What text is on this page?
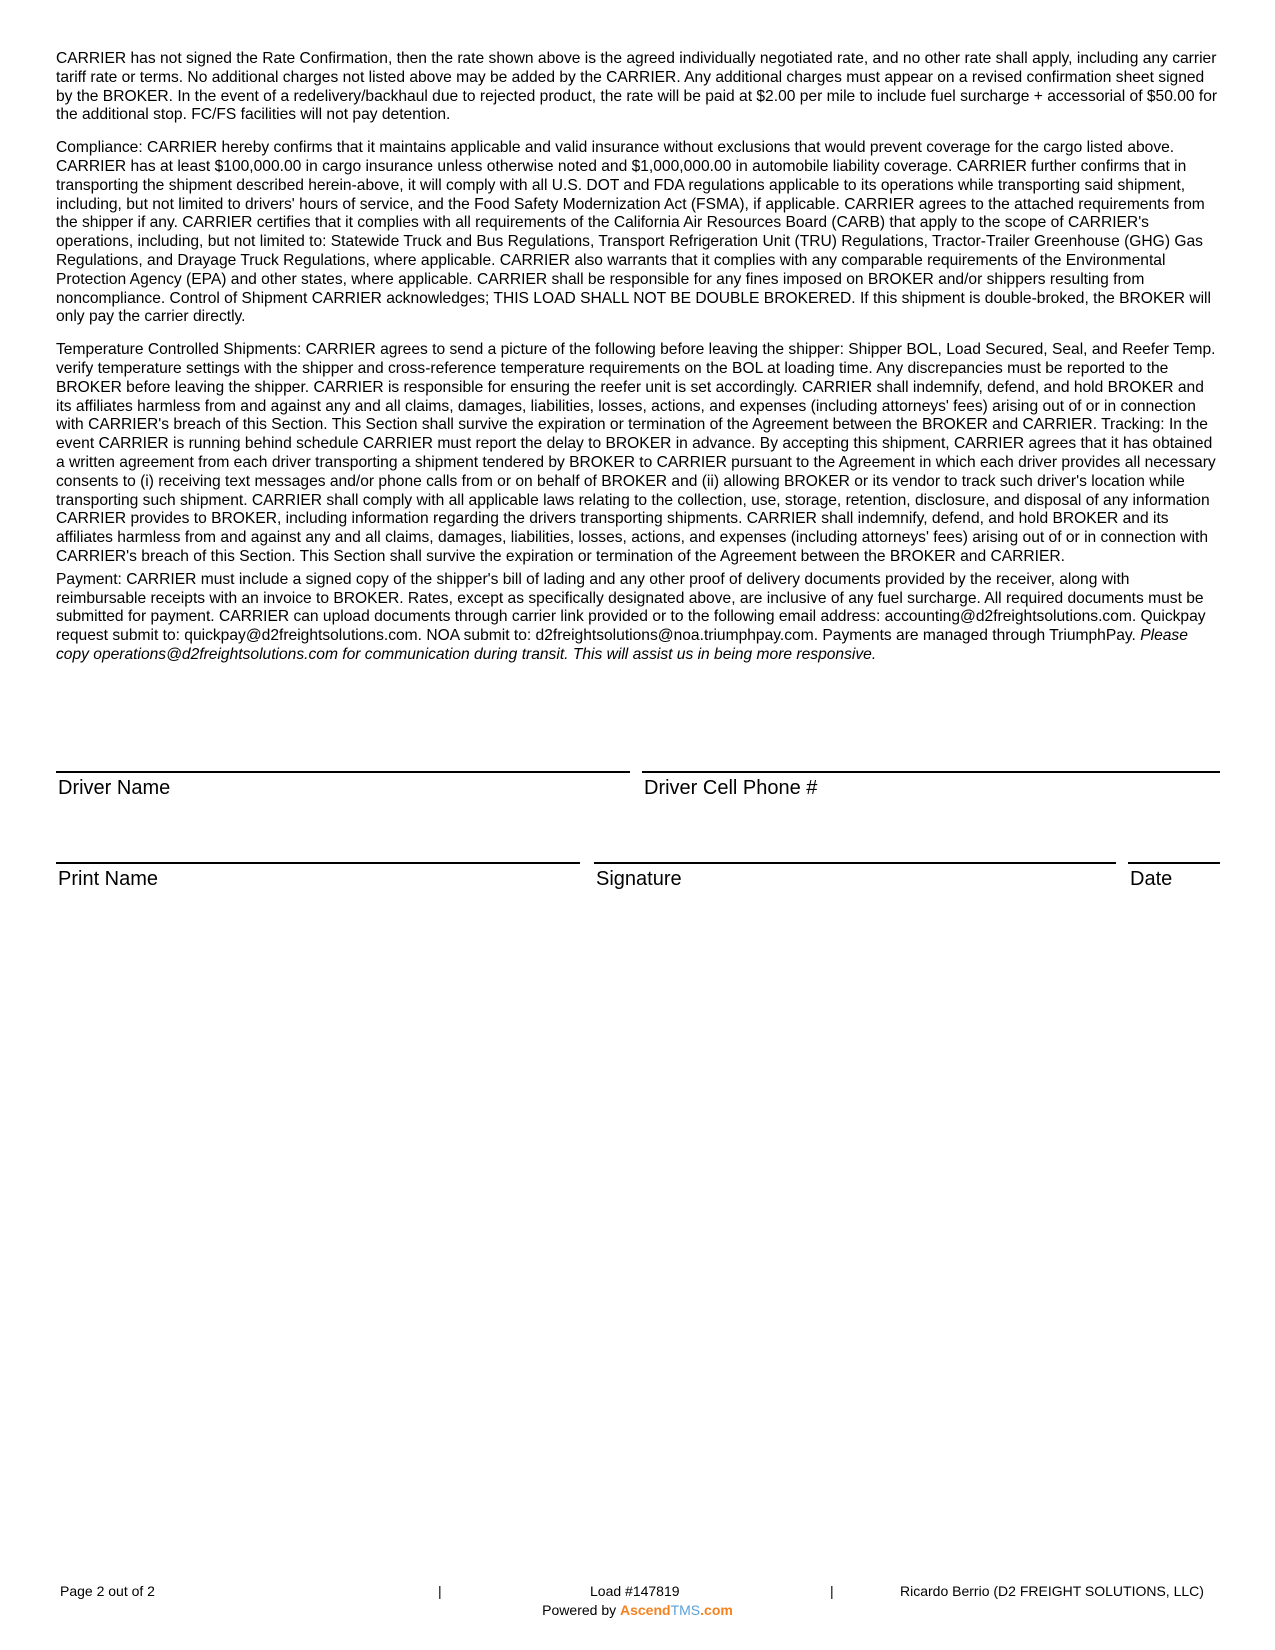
CARRIER has not signed the Rate Confirmation, then the rate shown above is the agreed individually negotiated rate, and no other rate shall apply, including any carrier tariff rate or terms. No additional charges not listed above may be added by the CARRIER. Any additional charges must appear on a revised confirmation sheet signed by the BROKER. In the event of a redelivery/backhaul due to rejected product, the rate will be paid at $2.00 per mile to include fuel surcharge + accessorial of $50.00 for the additional stop. FC/FS facilities will not pay detention.

Compliance: CARRIER hereby confirms that it maintains applicable and valid insurance without exclusions that would prevent coverage for the cargo listed above. CARRIER has at least $100,000.00 in cargo insurance unless otherwise noted and $1,000,000.00 in automobile liability coverage. CARRIER further confirms that in transporting the shipment described herein-above, it will comply with all U.S. DOT and FDA regulations applicable to its operations while transporting said shipment, including, but not limited to drivers' hours of service, and the Food Safety Modernization Act (FSMA), if applicable. CARRIER agrees to the attached requirements from the shipper if any. CARRIER certifies that it complies with all requirements of the California Air Resources Board (CARB) that apply to the scope of CARRIER's operations, including, but not limited to: Statewide Truck and Bus Regulations, Transport Refrigeration Unit (TRU) Regulations, Tractor-Trailer Greenhouse (GHG) Gas Regulations, and Drayage Truck Regulations, where applicable. CARRIER also warrants that it complies with any comparable requirements of the Environmental Protection Agency (EPA) and other states, where applicable. CARRIER shall be responsible for any fines imposed on BROKER and/or shippers resulting from noncompliance. Control of Shipment CARRIER acknowledges; THIS LOAD SHALL NOT BE DOUBLE BROKERED. If this shipment is double-broked, the BROKER will only pay the carrier directly.

Temperature Controlled Shipments: CARRIER agrees to send a picture of the following before leaving the shipper: Shipper BOL, Load Secured, Seal, and Reefer Temp. verify temperature settings with the shipper and cross-reference temperature requirements on the BOL at loading time. Any discrepancies must be reported to the BROKER before leaving the shipper. CARRIER is responsible for ensuring the reefer unit is set accordingly. CARRIER shall indemnify, defend, and hold BROKER and its affiliates harmless from and against any and all claims, damages, liabilities, losses, actions, and expenses (including attorneys' fees) arising out of or in connection with CARRIER's breach of this Section. This Section shall survive the expiration or termination of the Agreement between the BROKER and CARRIER. Tracking: In the event CARRIER is running behind schedule CARRIER must report the delay to BROKER in advance. By accepting this shipment, CARRIER agrees that it has obtained a written agreement from each driver transporting a shipment tendered by BROKER to CARRIER pursuant to the Agreement in which each driver provides all necessary consents to (i) receiving text messages and/or phone calls from or on behalf of BROKER and (ii) allowing BROKER or its vendor to track such driver's location while transporting such shipment. CARRIER shall comply with all applicable laws relating to the collection, use, storage, retention, disclosure, and disposal of any information CARRIER provides to BROKER, including information regarding the drivers transporting shipments. CARRIER shall indemnify, defend, and hold BROKER and its affiliates harmless from and against any and all claims, damages, liabilities, losses, actions, and expenses (including attorneys' fees) arising out of or in connection with CARRIER's breach of this Section. This Section shall survive the expiration or termination of the Agreement between the BROKER and CARRIER.

Payment: CARRIER must include a signed copy of the shipper's bill of lading and any other proof of delivery documents provided by the receiver, along with reimbursable receipts with an invoice to BROKER. Rates, except as specifically designated above, are inclusive of any fuel surcharge. All required documents must be submitted for payment. CARRIER can upload documents through carrier link provided or to the following email address: accounting@d2freightsolutions.com. Quickpay request submit to: quickpay@d2freightsolutions.com. NOA submit to: d2freightsolutions@noa.triumphpay.com. Payments are managed through TriumphPay. Please copy operations@d2freightsolutions.com for communication during transit. This will assist us in being more responsive.

Driver Name	Driver Cell Phone #
Print Name	Signature	Date
Page 2 out of 2	|	Load #147819	|	Ricardo Berrio (D2 FREIGHT SOLUTIONS, LLC)
Powered by AscendTMS.com
